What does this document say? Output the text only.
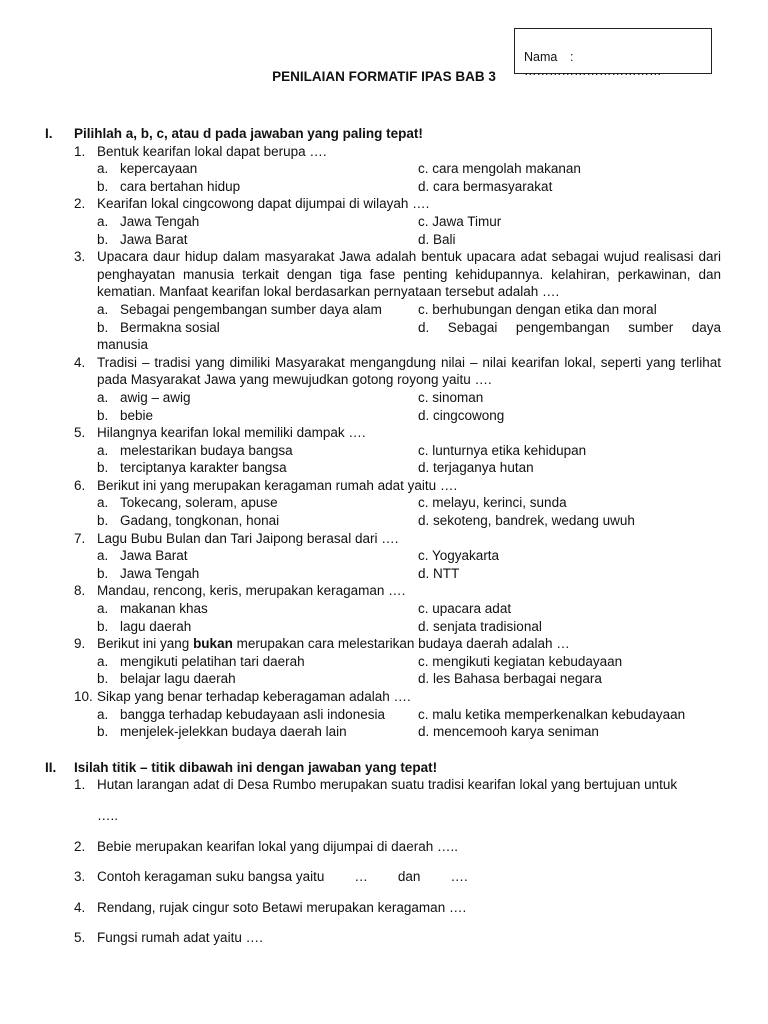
Nama : ……………………………
PENILAIAN FORMATIF IPAS BAB 3
I.	Pilihlah a, b, c, atau d pada jawaban yang paling tepat!
1. Bentuk kearifan lokal dapat berupa ….
a. kepercayaan	c. cara mengolah makanan
b. cara bertahan hidup	d. cara bermasyarakat
2. Kearifan lokal cingcowong dapat dijumpai di wilayah ….
a. Jawa Tengah	c. Jawa Timur
b. Jawa Barat	d. Bali
3. Upacara daur hidup dalam masyarakat Jawa adalah bentuk upacara adat sebagai wujud realisasi dari penghayatan manusia terkait dengan tiga fase penting kehidupannya. kelahiran, perkawinan, dan kematian. Manfaat kearifan lokal berdasarkan pernyataan tersebut adalah ….
a. Sebagai pengembangan sumber daya alam	c. berhubungan dengan etika dan moral
b. Bermakna sosial	d. Sebagai pengembangan sumber daya
manusia
4. Tradisi – tradisi yang dimiliki Masyarakat mengangdung nilai – nilai kearifan lokal, seperti yang terlihat pada Masyarakat Jawa yang mewujudkan gotong royong yaitu ….
a. awig – awig	c. sinoman
b. bebie	d. cingcowong
5. Hilangnya kearifan lokal memiliki dampak ….
a. melestarikan budaya bangsa	c. lunturnya etika kehidupan
b. terciptanya karakter bangsa	d. terjaganya hutan
6. Berikut ini yang merupakan keragaman rumah adat yaitu ….
a. Tokecang, soleram, apuse	c. melayu, kerinci, sunda
b. Gadang, tongkonan, honai	d. sekoteng, bandrek, wedang uwuh
7. Lagu Bubu Bulan dan Tari Jaipong berasal dari ….
a. Jawa Barat	c. Yogyakarta
b. Jawa Tengah	d. NTT
8. Mandau, rencong, keris, merupakan keragaman ….
a. makanan khas	c. upacara adat
b. lagu daerah	d. senjata tradisional
9. Berikut ini yang bukan merupakan cara melestarikan budaya daerah adalah …
a. mengikuti pelatihan tari daerah	c. mengikuti kegiatan kebudayaan
b. belajar lagu daerah	d. les Bahasa berbagai negara
10. Sikap yang benar terhadap keberagaman adalah ….
a. bangga terhadap kebudayaan asli indonesia c. malu ketika memperkenalkan kebudayaan
b. menjelek-jelekkan budaya daerah lain	d. mencemooh karya seniman
II.	Isilah titik – titik dibawah ini dengan jawaban yang tepat!
1. Hutan larangan adat di Desa Rumbo merupakan suatu tradisi kearifan lokal yang bertujuan untuk
…..
2. Bebie merupakan kearifan lokal yang dijumpai di daerah …..
3. Contoh keragaman suku bangsa yaitu … dan ….
4. Rendang, rujak cingur soto Betawi merupakan keragaman ….
5. Fungsi rumah adat yaitu ….
